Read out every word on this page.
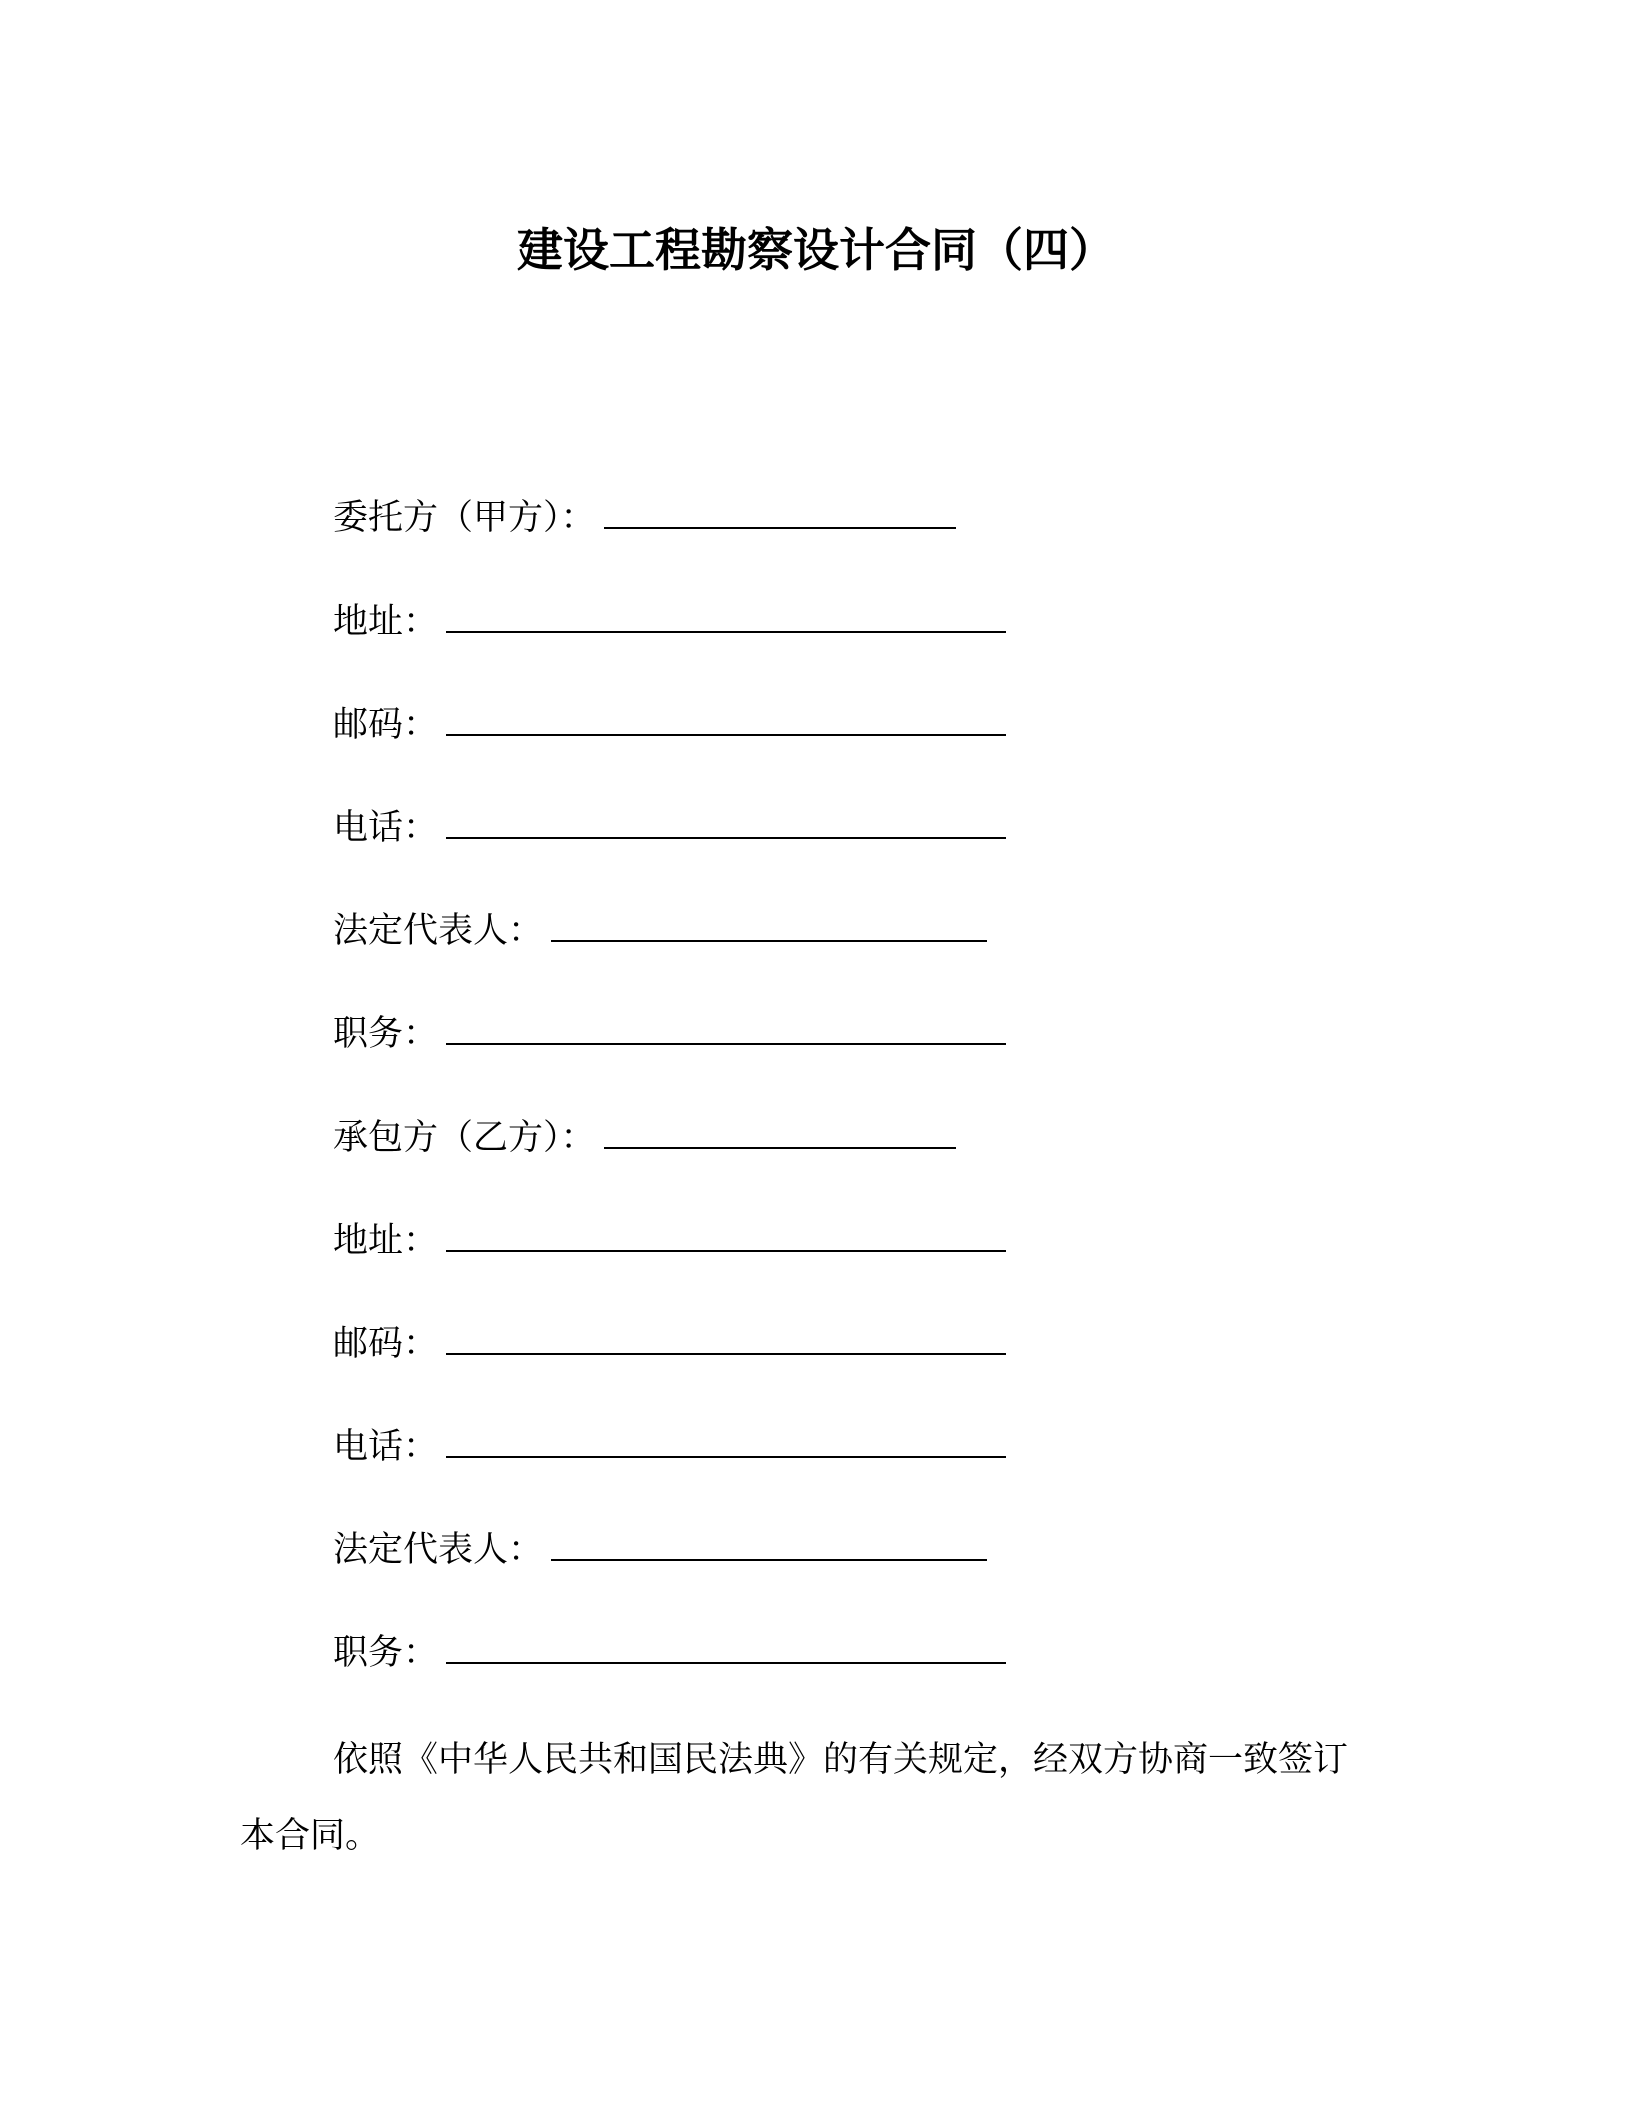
建设工程勘察设计合同（四）
委托方（甲方）：
地址：
邮码：
电话：
法定代表人：
职务：
承包方（乙方）：
地址：
邮码：
电话：
法定代表人：
职务：
依照《中华人民共和国民法典》的有关规定，经双方协商一致签订本合同。
